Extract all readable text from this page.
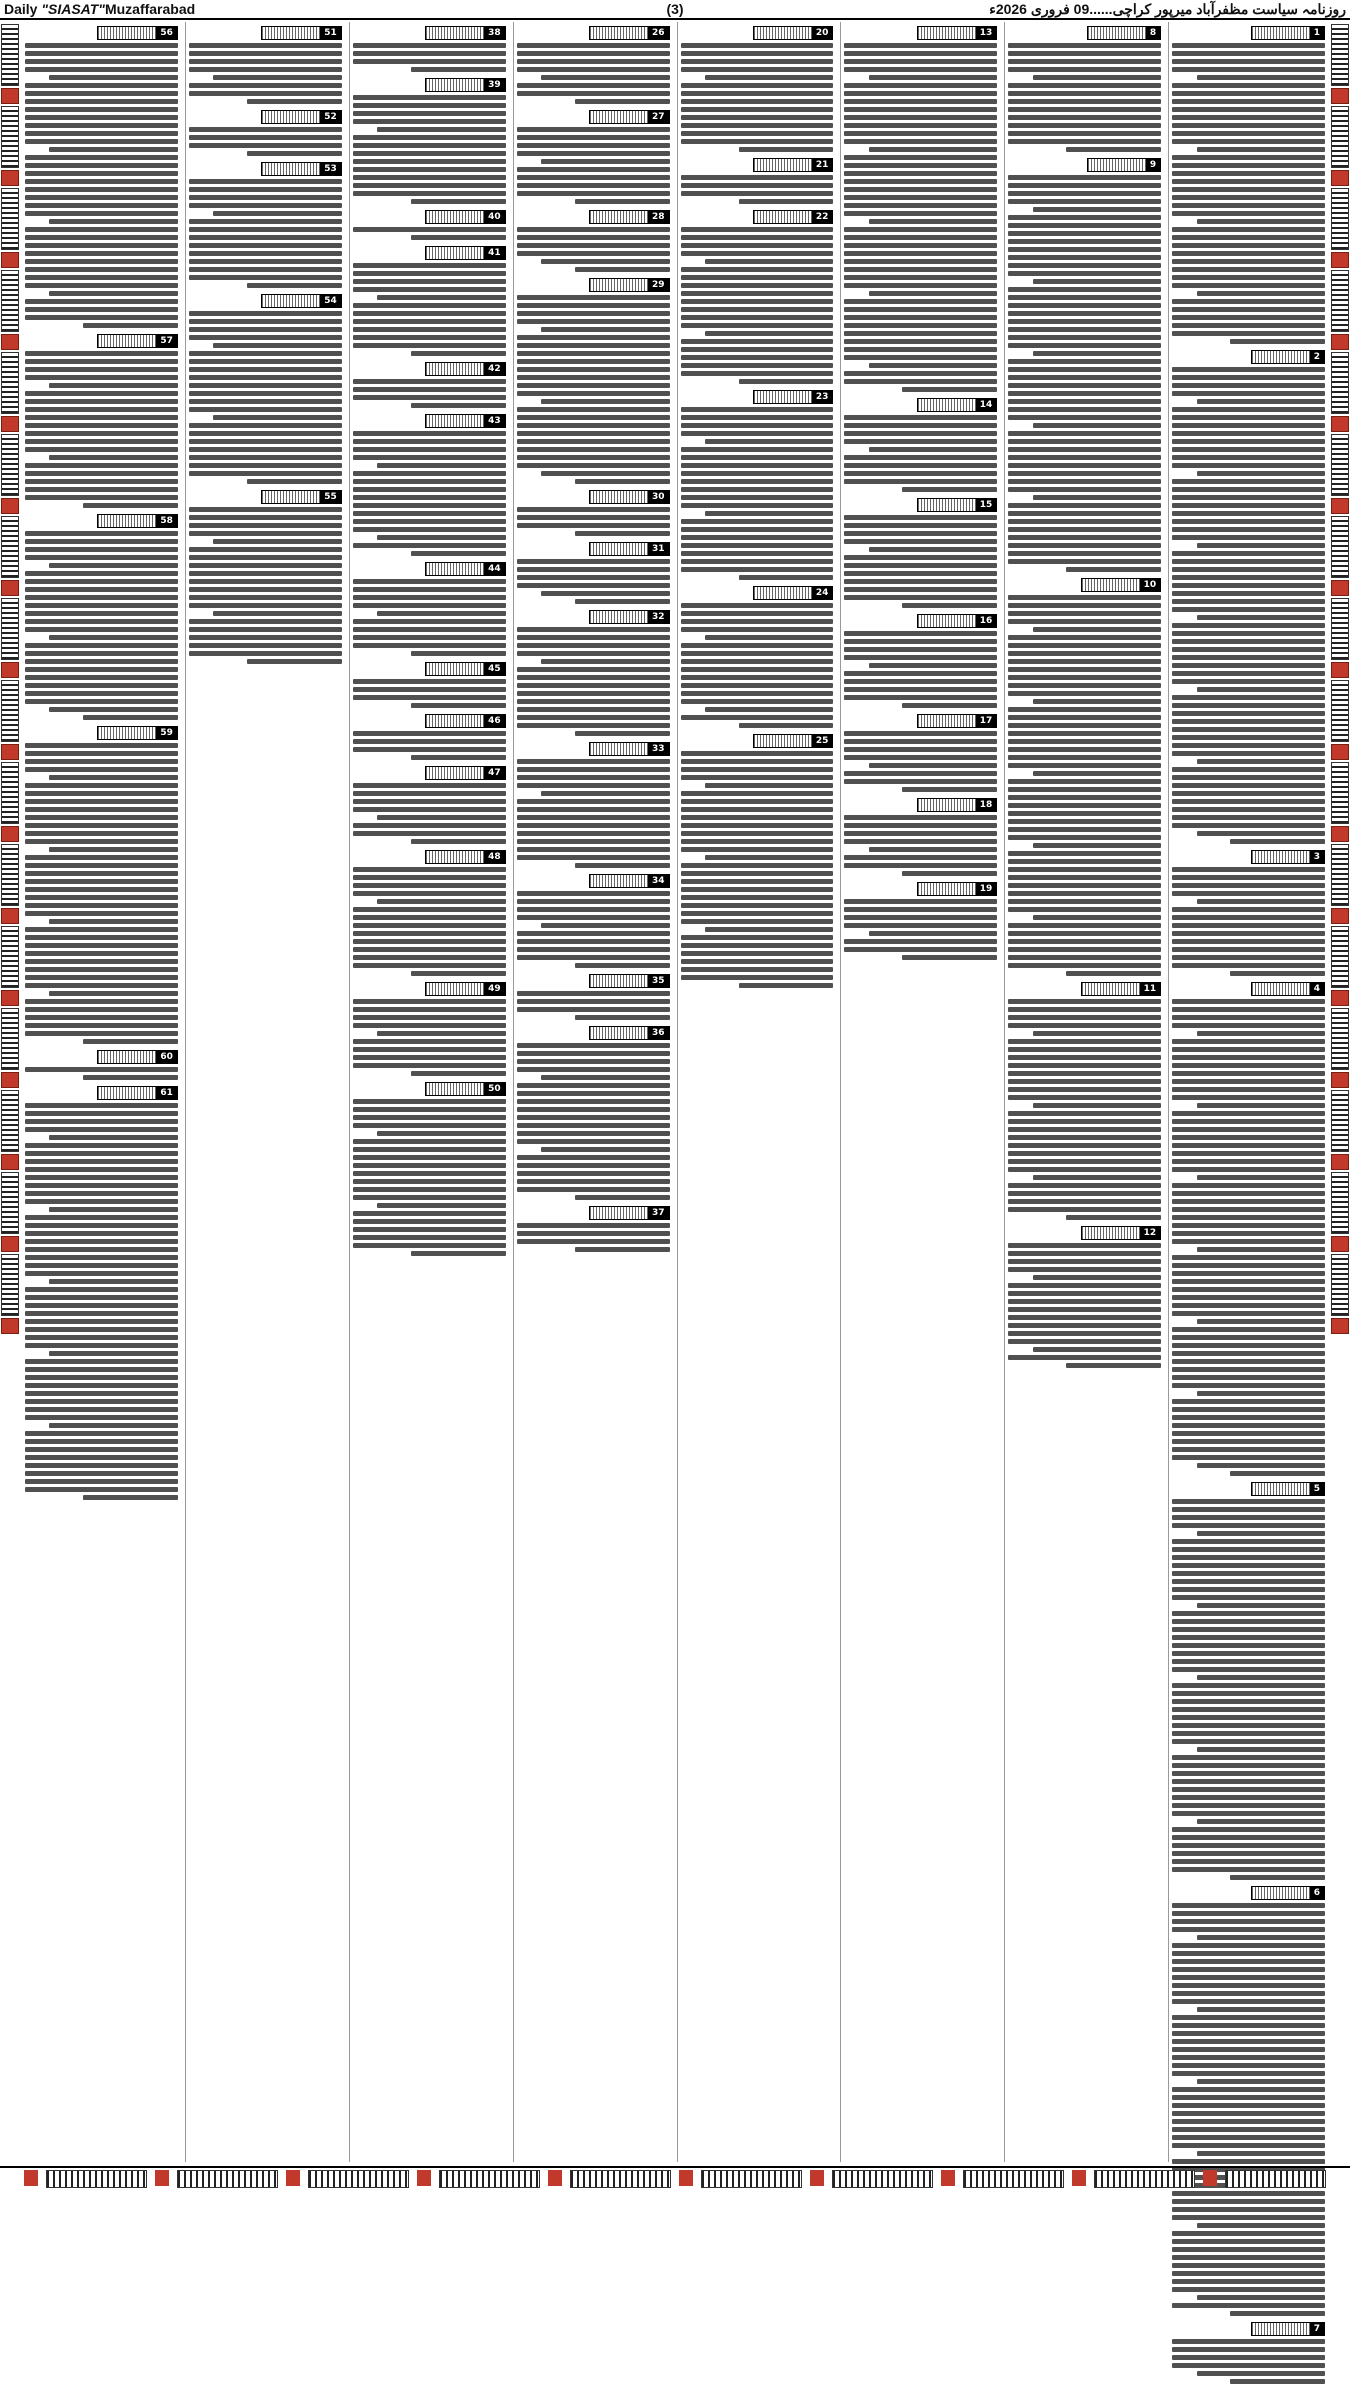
Daily "SIASAT"Muzaffarabad	(3)	روزنامہ سیاست مظفرآباد میرپور کراچی......09 فروری 2026ء
1
2
3
4
5
6
7
8
9
10
11
12
13
14
15
16
17
18
19
20
21
22
23
24
25
26
27
28
29
30
31
32
33
34
35
36
37
38
39
40
41
42
43
44
45
46
47
48
49
50
51
52
53
54
55
56
57
58
59
60
61
